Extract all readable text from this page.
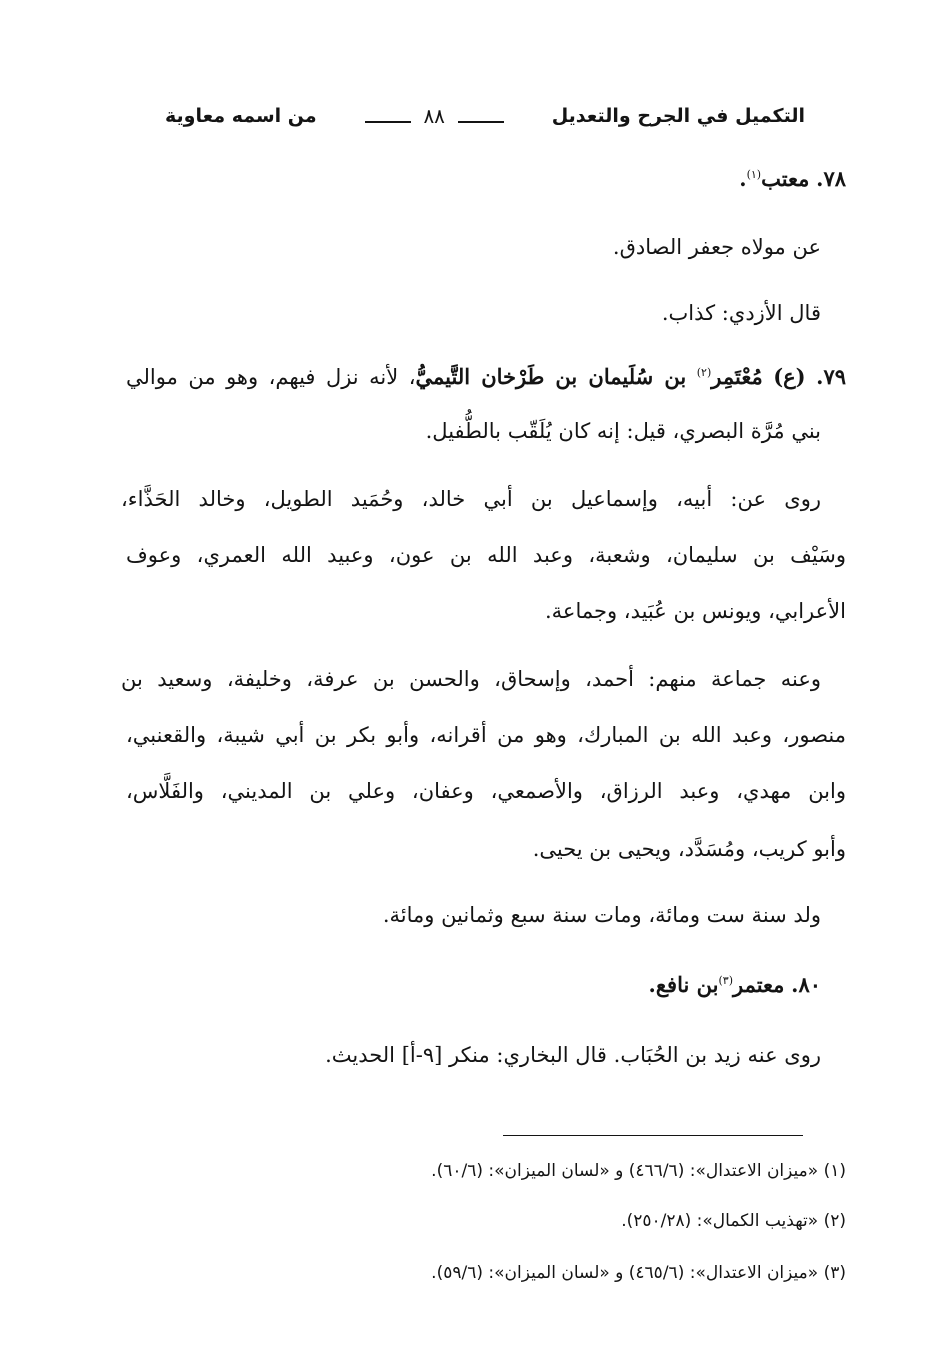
التكميل في الجرح والتعديل
٨٨
من اسمه معاوية
٧٨. معتب$^{(١)}$.
عن مولاه جعفر الصادق.
قال الأزدي: كذاب.
٧٩. (ع) مُعْتَمِر$^{(٢)}$ بن سُلَيمان بن طَرْخان التَّيميُّ، لأنه نزل فيهم، وهو من موالي
بني مُرَّة البصري، قيل: إنه كان يُلَقّب بالطُّفيل.
روى عن: أبيه، وإسماعيل بن أبي خالد، وحُمَيد الطويل، وخالد الحَذَّاء،
وسَيْف بن سليمان، وشعبة، وعبد الله بن عون، وعبيد الله العمري، وعوف
الأعرابي، ويونس بن عُبَيد، وجماعة.
وعنه جماعة منهم: أحمد، وإسحاق، والحسن بن عرفة، وخليفة، وسعيد بن
منصور، وعبد الله بن المبارك، وهو من أقرانه، وأبو بكر بن أبي شيبة، والقعنبي،
وابن مهدي، وعبد الرزاق، والأصمعي، وعفان، وعلي بن المديني، والفَلَّاس،
وأبو كريب، ومُسَدَّد، ويحيى بن يحيى.
ولد سنة ست ومائة، ومات سنة سبع وثمانين ومائة.
٨٠. معتمر$^{(٣)}$بن نافع.
روى عنه زيد بن الحُبَاب. قال البخاري: منكر [٩-أ] الحديث.
(١) «ميزان الاعتدال»: (٤٦٦/٦) و «لسان الميزان»: (٦٠/٦).
(٢) «تهذيب الكمال»: (٢٥٠/٢٨).
(٣) «ميزان الاعتدال»: (٤٦٥/٦) و «لسان الميزان»: (٥٩/٦).
